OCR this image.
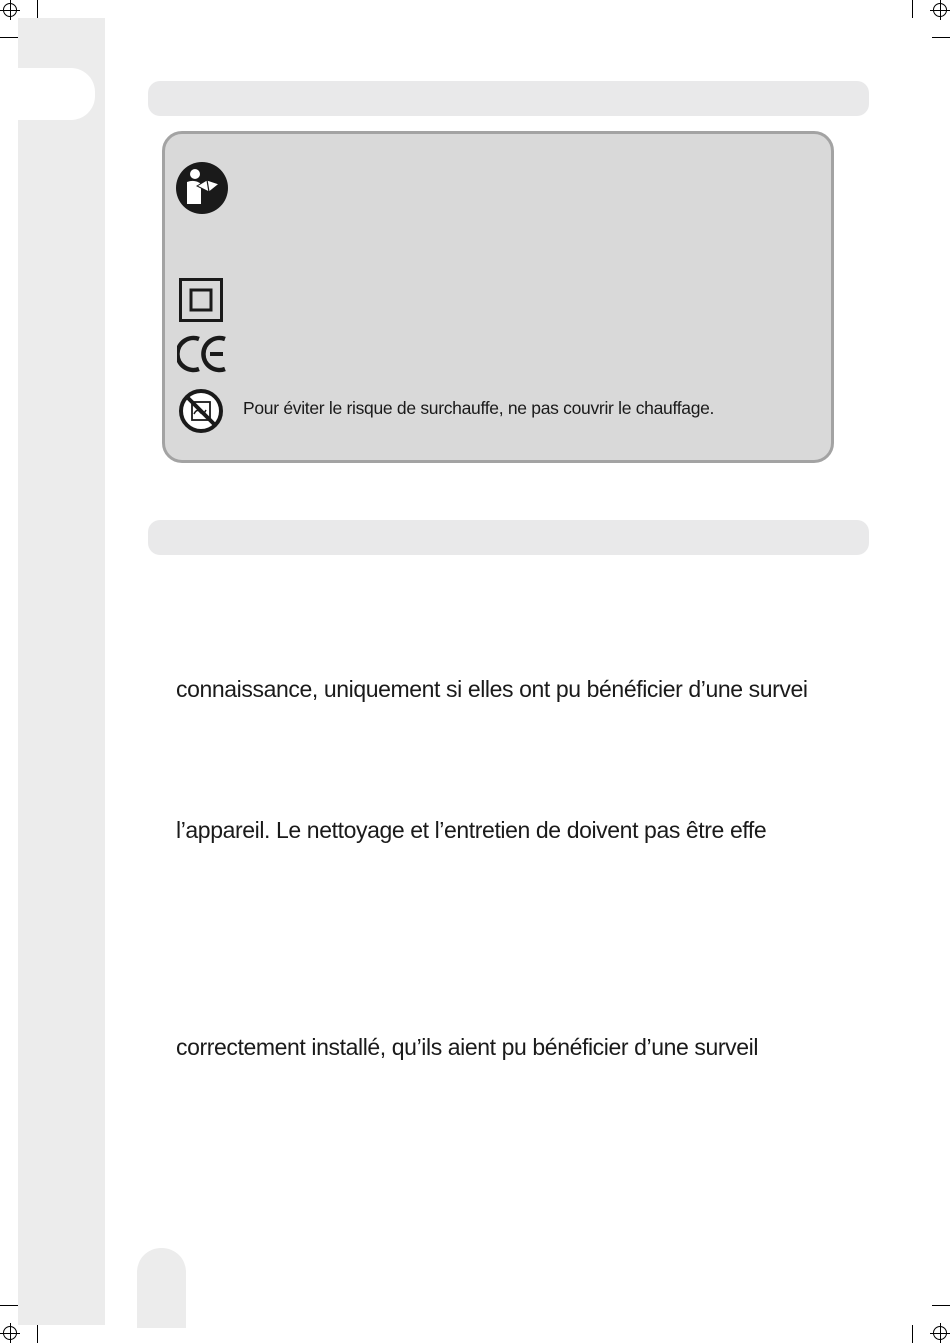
Pour éviter le risque de surchauffe, ne pas couvrir le chauffage.
connaissance, uniquement si elles ont pu bénéficier d’une survei
l’appareil. Le nettoyage et l’entretien de doivent pas être effe
correctement installé, qu’ils aient pu bénéficier d’une surveil
